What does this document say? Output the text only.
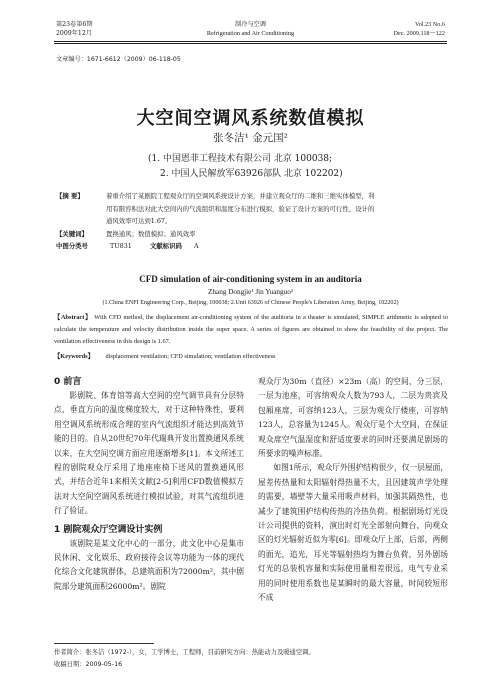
第23卷第6期
2009年12月
制冷与空调
Refrigeration and Air Conditioning
Vol.23 No.6
Dec. 2009.118～122
文章编号：1671-6612（2009）06-118-05
大空间空调风系统数值模拟
张冬洁¹ 金元国²
(1. 中国恩菲工程技术有限公司 北京 100038;
2. 中国人民解放军63926部队 北京 102202)
【摘 要】	着重介绍了某剧院工程观众厅的空调风系统设计方案，并建立观众厅的二维和三维实体模型，利
用有限容积法对此大空间内的气流组织和温度分布进行模拟，验证了设计方案的可行性，设计的
通风效率可达到1.67。
【关键词】	置换通风；数值模拟；通风效率
中图分类号	TU831	文献标识码 A
CFD simulation of air-conditioning system in an auditoria
Zhang Dongjie¹ Jin Yuanguo²
(1.China ENFI Engineering Corp., Beijing, 100038; 2.Unit 63926 of Chinese People's Liberation Army, Beijing, 102202)
【Abstract】 With CFD method, the displacement air-conditioning system of the auditoria in a theater is simulated, SIMPLE arithmetic is adopted to calculate the temperature and velocity distribution inside the super space. A series of figures are obtained to show the feasibility of the project. The ventilation effectiveness in this design is 1.67.
【Keywords】 displacement ventilation; CFD simulation; ventilation effectiveness
0 前言

影剧院、体育馆等高大空间的空气调节具有分层特点，垂直方向的温度梯度较大，对于这种特殊性，要利用空调风系统形成合理的室内气流组织才能达到高效节能的目的。自从20世纪70年代瑞典开发出置换通风系统以来，在大空间空调方面应用逐渐增多[1]。本文所述工程的剧院观众厅采用了地座座椅下送风的置换通风形式，并结合近年1来相关文献[2-5]利用CFD数值模拟方法对大空间空调风系统进行模拟试验，对其气流组织进行了验证。

1 剧院观众厅空调设计实例

该剧院是某文化中心的一部分，此文化中心是集市民休闲、文化娱乐、政府接待会议等功能为一体的现代化综合文化建筑群体，总建筑面积为72000m²，其中剧院部分建筑面积26000m²。剧院

观众厅为30m（直径）×23m（高）的空间，分三层，一层为池座，可容纳观众人数为793人，二层为贵宾及包厢座席，可容纳123人，三层为观众厅楼座，可容纳123人，总容量为1245人。观众厅是个大空间，在保证观众席空气温湿度和舒适度要求的同时还要满足剧场的所要求的噪声标准。

如图1所示，观众厅外围护结构很少，仅一层屋面，屋差传热量和太阳辐射得热量不大，且因建筑声学处理的需要，墙壁等大量采用吸声材料，加强其隔热性，也减少了建筑围护结构传热的冷热负荷。根据剧场灯光设计公司提供的资料，演出时灯光全部射向舞台，向观众区的灯光辐射近似为零[6]。即观众厅上部，后部，两侧的面光，追光，耳光等辐射热均为舞台负荷，另外剧场灯光的总装机容量和实际使用量相差很远，电气专业采用的同时使用系数也是某瞬时的最大容量，时间较短形不成

作者简介：张冬洁（1972-），女，工学博士，工程师，目前研究方向：热能动力及暖通空调。
收稿日期：2009-05-16
